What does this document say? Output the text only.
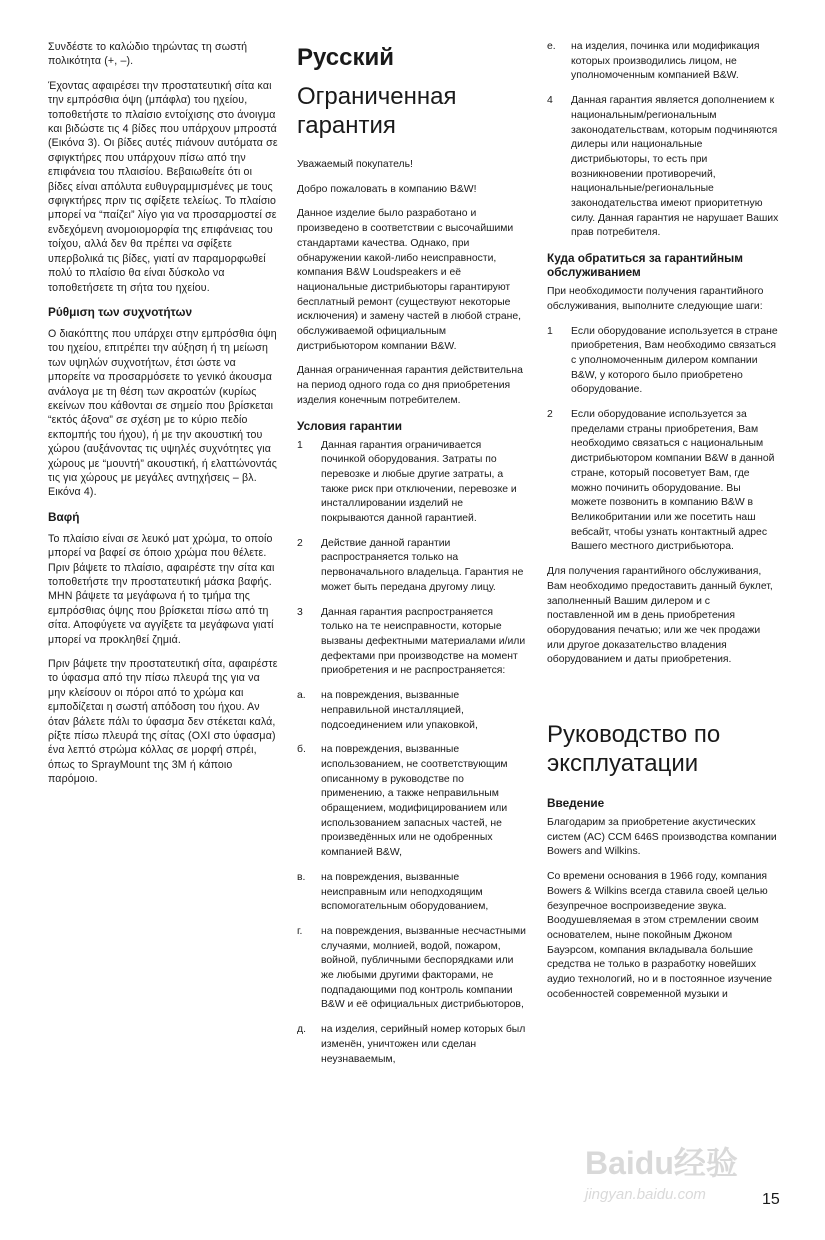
Συνδέστε το καλώδιο τηρώντας τη σωστή πολικότητα (+, –).

Έχοντας αφαιρέσει την προστατευτική σίτα και την εμπρόσθια όψη (μπάφλα) του ηχείου, τοποθετήστε το πλαίσιο εντοίχισης στο άνοιγμα και βιδώστε τις 4 βίδες που υπάρχουν μπροστά (Εικόνα 3). Οι βίδες αυτές πιάνουν αυτόματα σε σφιγκτήρες που υπάρχουν πίσω από την επιφάνεια του πλαισίου. Βεβαιωθείτε ότι οι βίδες είναι απόλυτα ευθυγραμμισμένες με τους σφιγκτήρες πριν τις σφίξετε τελείως. Το πλαίσιο μπορεί να “παίζει” λίγο για να προσαρμοστεί σε ενδεχόμενη ανομοιομορφία της επιφάνειας του τοίχου, αλλά δεν θα πρέπει να σφίξετε υπερβολικά τις βίδες, γιατί αν παραμορφωθεί πολύ το πλαίσιο θα είναι δύσκολο να τοποθετήσετε τη σήτα του ηχείου.

Ρύθμιση των συχνοτήτων

Ο διακόπτης που υπάρχει στην εμπρόσθια όψη του ηχείου, επιτρέπει την αύξηση ή τη μείωση των υψηλών συχνοτήτων, έτσι ώστε να μπορείτε να προσαρμόσετε το γενικό άκουσμα ανάλογα με τη θέση των ακροατών (κυρίως εκείνων που κάθονται σε σημείο που βρίσκεται “εκτός άξονα” σε σχέση με το κύριο πεδίο εκπομπής του ήχου), ή με την ακουστική του χώρου (αυξάνοντας τις υψηλές συχνότητες για χώρους με “μουντή” ακουστική, ή ελαττώνοντάς τις για χώρους με μεγάλες αντηχήσεις – βλ. Εικόνα 4).

Βαφή

Το πλαίσιο είναι σε λευκό ματ χρώμα, το οποίο μπορεί να βαφεί σε όποιο χρώμα που θέλετε. Πριν βάψετε το πλαίσιο, αφαιρέστε την σίτα και τοποθετήστε την προστατευτική μάσκα βαφής. ΜΗΝ βάψετε τα μεγάφωνα ή το τμήμα της εμπρόσθιας όψης που βρίσκεται πίσω από τη σίτα. Αποφύγετε να αγγίξετε τα μεγάφωνα γιατί μπορεί να προκληθεί ζημιά.

Πριν βάψετε την προστατευτική σίτα, αφαιρέστε το ύφασμα από την πίσω πλευρά της για να μην κλείσουν οι πόροι από το χρώμα και εμποδίζεται η σωστή απόδοση του ήχου. Αν όταν βάλετε πάλι το ύφασμα δεν στέκεται καλά, ρίξτε πίσω πλευρά της σίτας (ΟΧΙ στο ύφασμα) ένα λεπτό στρώμα κόλλας σε μορφή σπρέι, όπως το SprayMount της 3M ή κάποιο παρόμοιο.

Русский
Ограниченная
гарантия

Уважаемый покупатель!

Добро пожаловать в компанию B&W!

Данное изделие было разработано и произведено в соответствии с высочайшими стандартами качества. Однако, при обнаружении какой-либо неисправности, компания B&W Loudspeakers и её национальные дистрибьюторы гарантируют бесплатный ремонт (существуют некоторые исключения) и замену частей в любой стране, обслуживаемой официальным дистрибьютором компании B&W.

Данная ограниченная гарантия действительна на период одного года со дня приобретения изделия конечным потребителем.

Условия гарантии
1	Данная гарантия ограничивается починкой оборудования. Затраты по перевозке и любые другие затраты, а также риск при отключении, перевозке и инсталлировании изделий не покрываются данной гарантией.
2	Действие данной гарантии распространяется только на первоначального владельца. Гарантия не может быть передана другому лицу.
3	Данная гарантия распространяется только на те неисправности, которые вызваны дефектными материалами и/или дефектами при производстве на момент приобретения и не распространяется:
a.	на повреждения, вызванные неправильной инсталляцией, подсоединением или упаковкой,
б.	на повреждения, вызванные использованием, не соответствующим описанному в руководстве по применению, а также неправильным обращением, модифицированием или использованием запасных частей, не произведённых или не одобренных компанией B&W,
в.	на повреждения, вызванные неисправным или неподходящим вспомогательным оборудованием,
г.	на повреждения, вызванные несчастными случаями, молнией, водой, пожаром, войной, публичными беспорядками или же любыми другими факторами, не подпадающими под контроль компании B&W и её официальных дистрибьюторов,
д.	на изделия, серийный номер которых был изменён, уничтожен или сделан неузнаваемым,
e.	на изделия, починка или модификация которых производились лицом, не уполномоченным компанией B&W.
4	Данная гарантия является дополнением к национальным/региональным законодательствам, которым подчиняются дилеры или национальные дистрибьюторы, то есть при возникновении противоречий, национальные/региональные законодательства имеют приоритетную силу. Данная гарантия не нарушает Ваших прав потребителя.
Куда обратиться за гарантийным обслуживанием

При необходимости получения гарантийного обслуживания, выполните следующие шаги:

1	Если оборудование используется в стране приобретения, Вам необходимо связаться с уполномоченным дилером компании B&W, у которого было приобретено оборудование.
2	Если оборудование используется за пределами страны приобретения, Вам необходимо связаться с национальным дистрибьютором компании B&W в данной стране, который посоветует Вам, где можно починить оборудование. Вы можете позвонить в компанию B&W в Великобритании или же посетить наш вебсайт, чтобы узнать контактный адрес Вашего местного дистрибьютора.

Для получения гарантийного обслуживания, Вам необходимо предоставить данный буклет, заполненный Вашим дилером и с поставленной им в день приобретения оборудования печатью; или же чек продажи или другое доказательство владения оборудованием и даты приобретения.

Руководство по
эксплуатации
Введение

Благодарим за приобретение акустических систем (AC) CCM 646S производства компании Bowers and Wilkins.

Со времени основания в 1966 году, компания Bowers & Wilkins всегда ставила своей целью безупречное воспроизведение звука. Воодушевляемая в этом стремлении своим основателем, ныне покойным Джоном Бауэрсом, компания вкладывала большие средства не только в разработку новейших аудио технологий, но и в постоянное изучение особенностей современной музыки и

15
Baidu经验
jingyan.baidu.com
